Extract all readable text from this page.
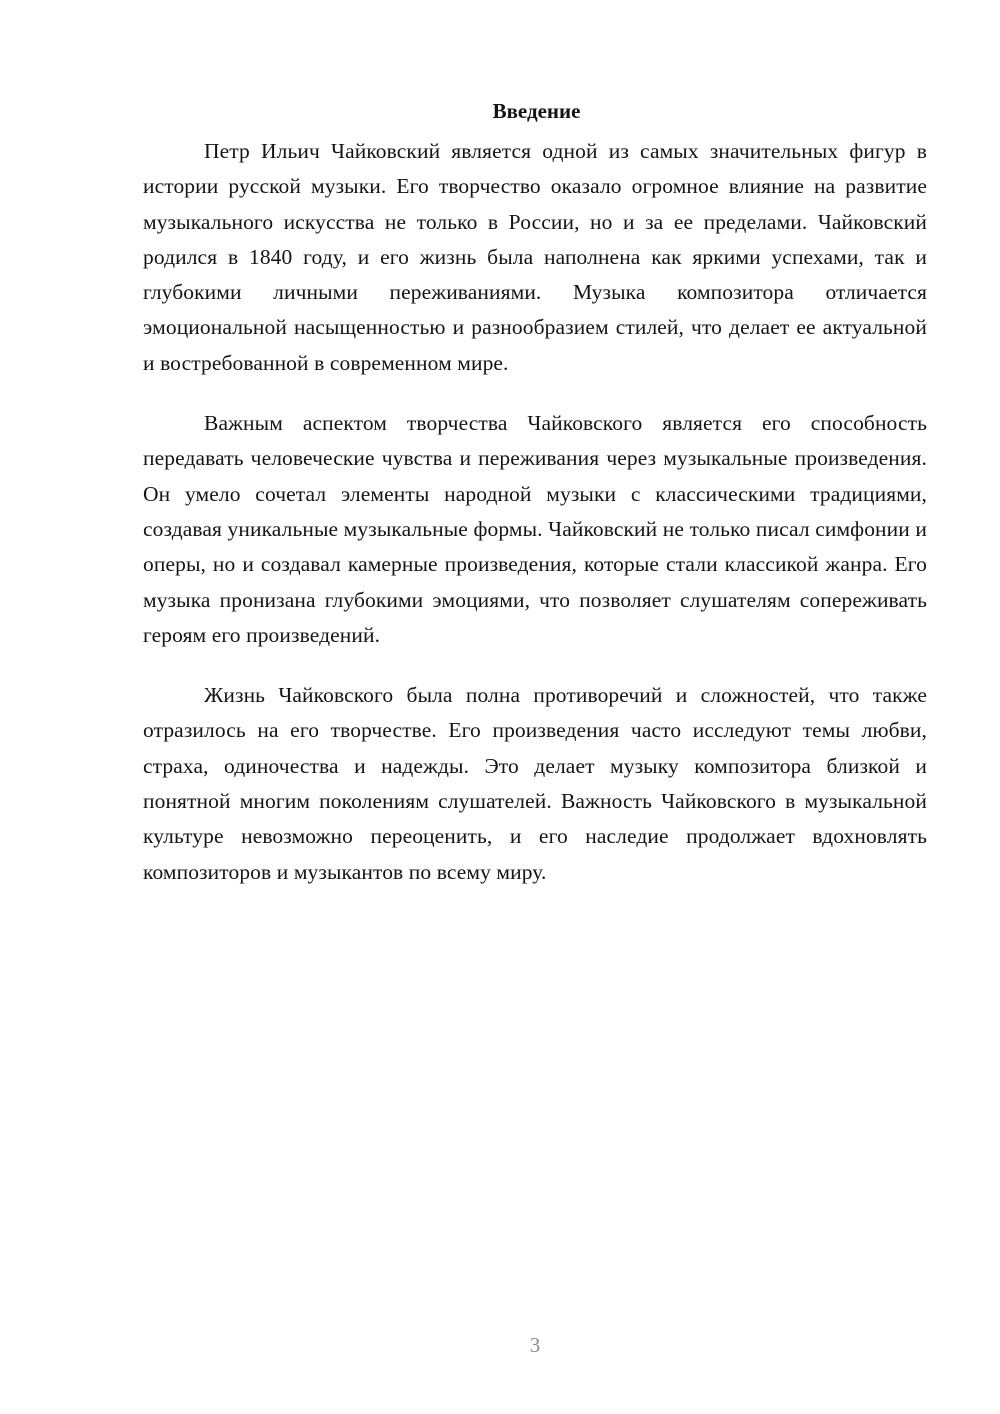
Введение

Петр Ильич Чайковский является одной из самых значительных фигур в истории русской музыки. Его творчество оказало огромное влияние на развитие музыкального искусства не только в России, но и за ее пределами. Чайковский родился в 1840 году, и его жизнь была наполнена как яркими успехами, так и глубокими личными переживаниями. Музыка композитора отличается эмоциональной насыщенностью и разнообразием стилей, что делает ее актуальной и востребованной в современном мире.

Важным аспектом творчества Чайковского является его способность передавать человеческие чувства и переживания через музыкальные произведения. Он умело сочетал элементы народной музыки с классическими традициями, создавая уникальные музыкальные формы. Чайковский не только писал симфонии и оперы, но и создавал камерные произведения, которые стали классикой жанра. Его музыка пронизана глубокими эмоциями, что позволяет слушателям сопереживать героям его произведений.

Жизнь Чайковского была полна противоречий и сложностей, что также отразилось на его творчестве. Его произведения часто исследуют темы любви, страха, одиночества и надежды. Это делает музыку композитора близкой и понятной многим поколениям слушателей. Важность Чайковского в музыкальной культуре невозможно переоценить, и его наследие продолжает вдохновлять композиторов и музыкантов по всему миру.

3
